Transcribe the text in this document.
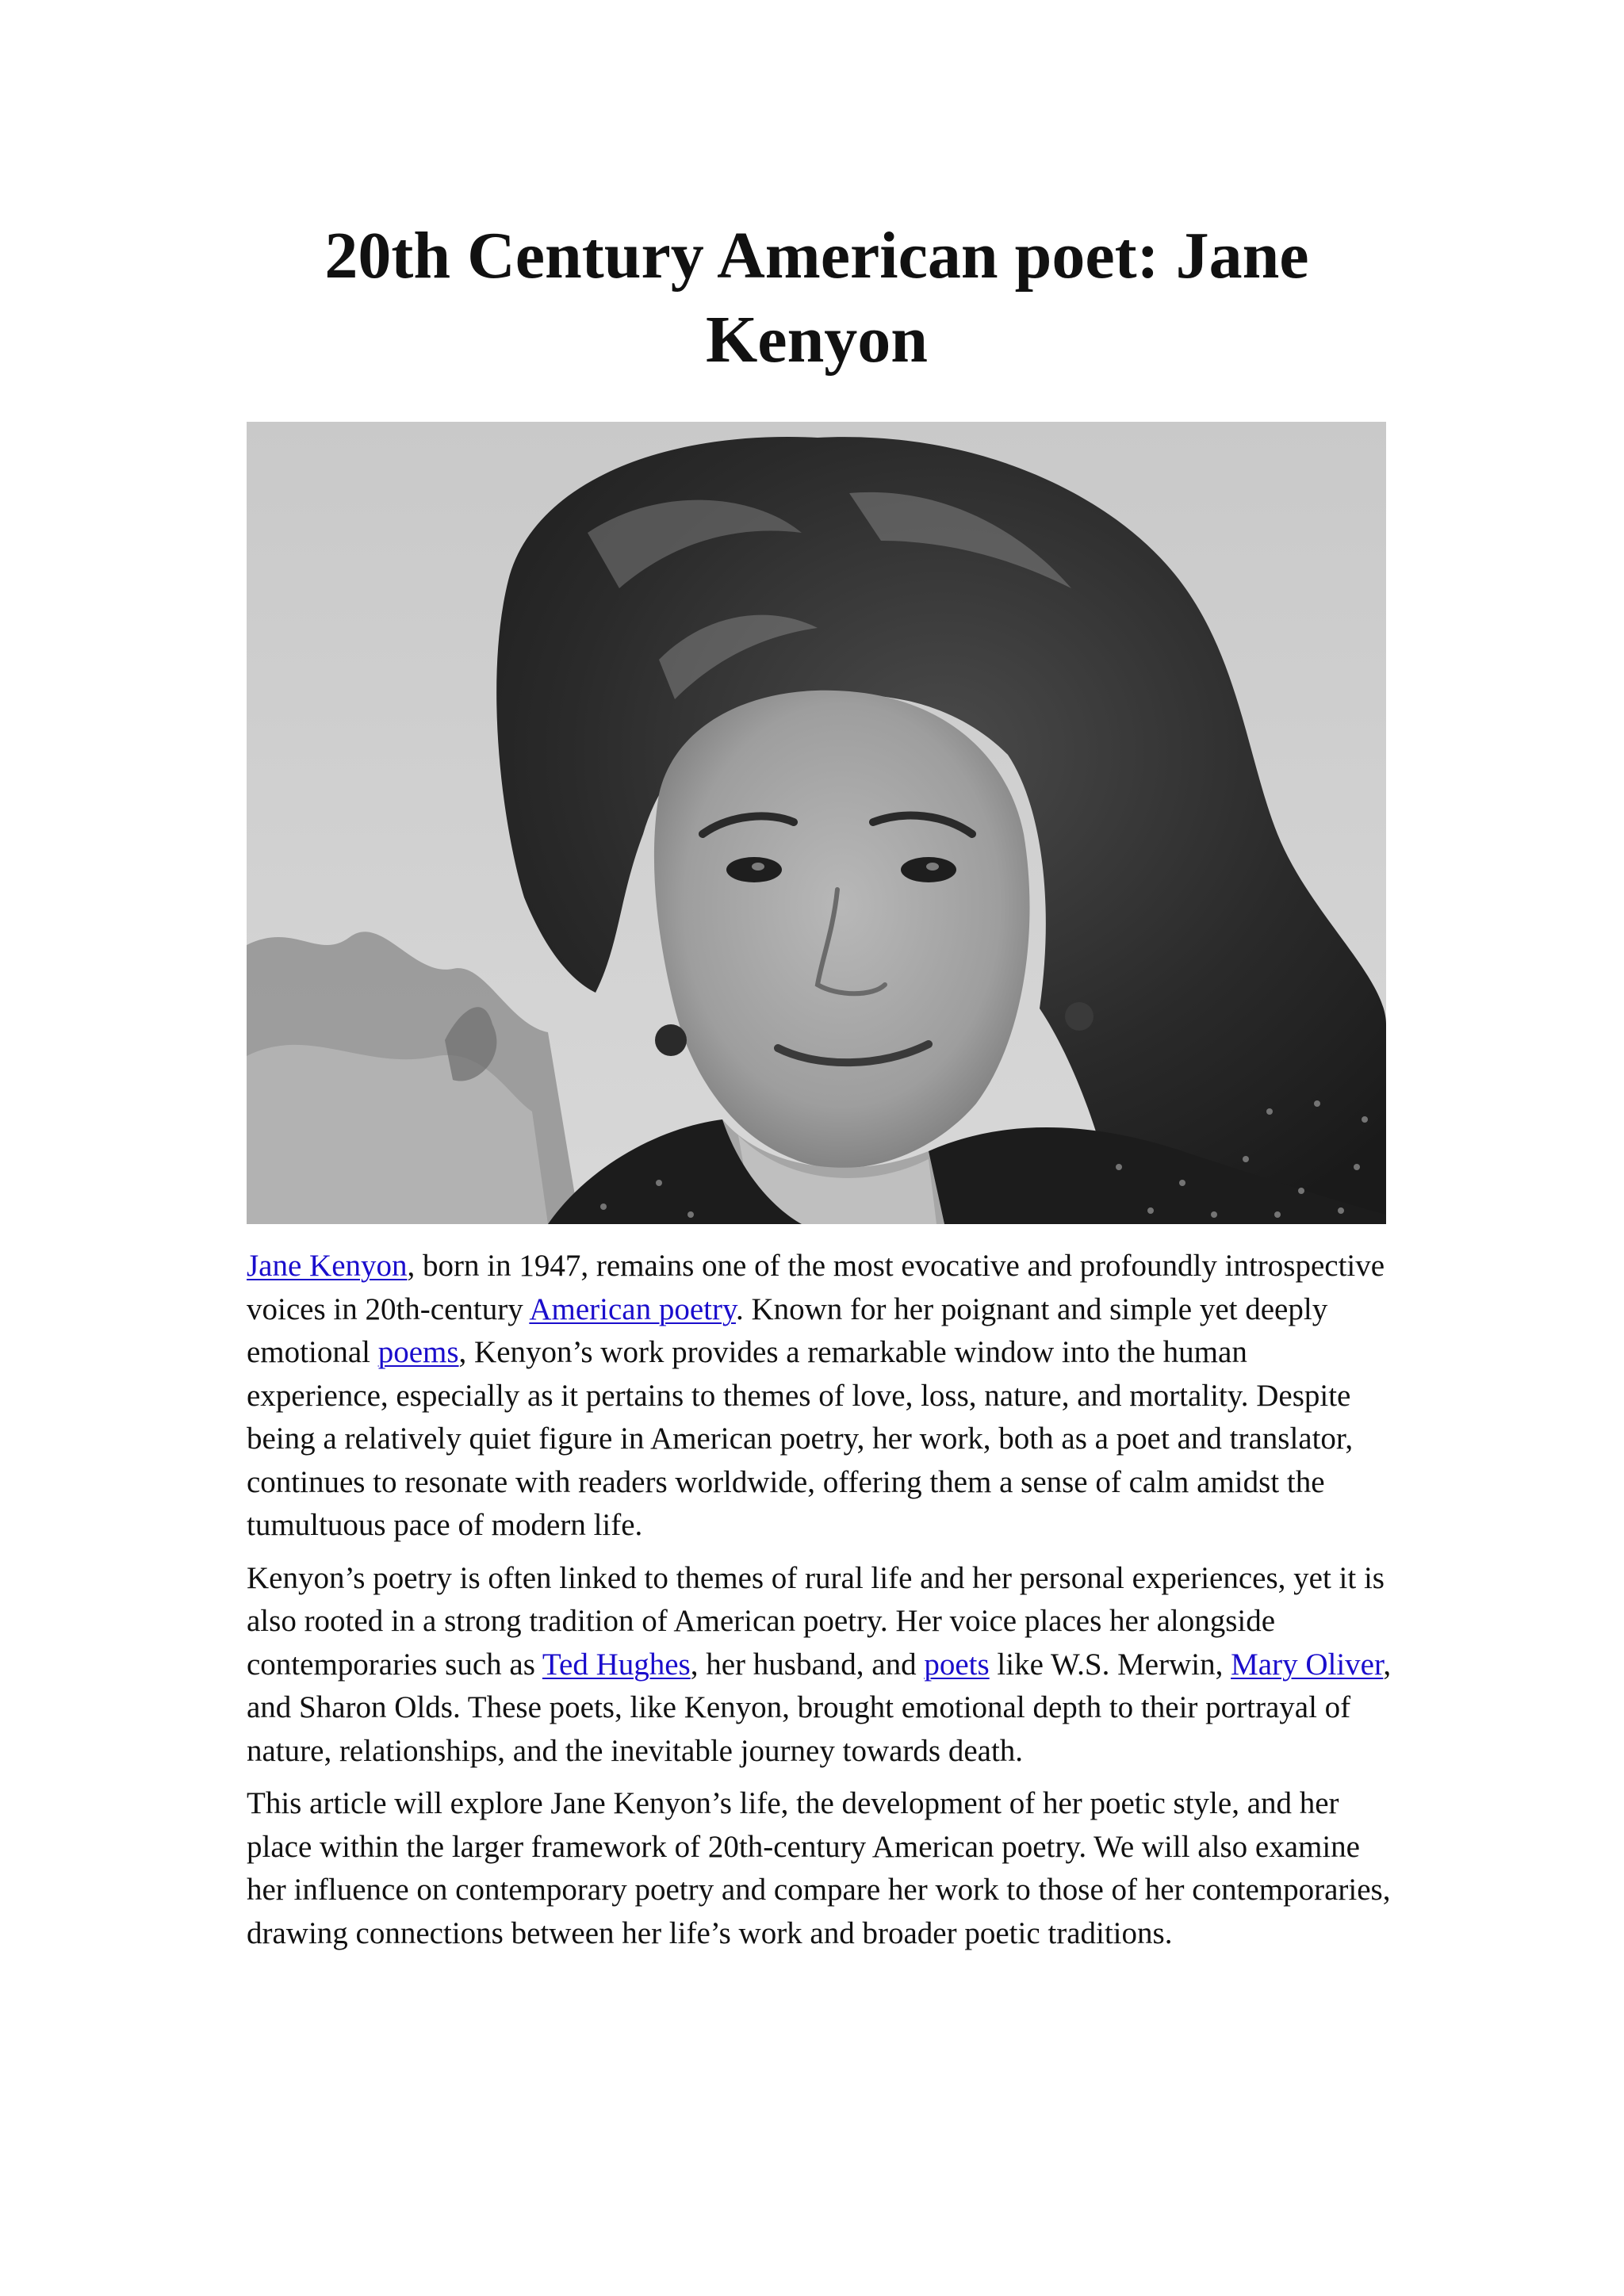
20th Century American poet: Jane Kenyon

Jane Kenyon, born in 1947, remains one of the most evocative and profoundly introspective voices in 20th-century American poetry. Known for her poignant and simple yet deeply emotional poems, Kenyon’s work provides a remarkable window into the human experience, especially as it pertains to themes of love, loss, nature, and mortality. Despite being a relatively quiet figure in American poetry, her work, both as a poet and translator, continues to resonate with readers worldwide, offering them a sense of calm amidst the tumultuous pace of modern life.

Kenyon’s poetry is often linked to themes of rural life and her personal experiences, yet it is also rooted in a strong tradition of American poetry. Her voice places her alongside contemporaries such as Ted Hughes, her husband, and poets like W.S. Merwin, Mary Oliver, and Sharon Olds. These poets, like Kenyon, brought emotional depth to their portrayal of nature, relationships, and the inevitable journey towards death.

This article will explore Jane Kenyon’s life, the development of her poetic style, and her place within the larger framework of 20th-century American poetry. We will also examine her influence on contemporary poetry and compare her work to those of her contemporaries, drawing connections between her life’s work and broader poetic traditions.
